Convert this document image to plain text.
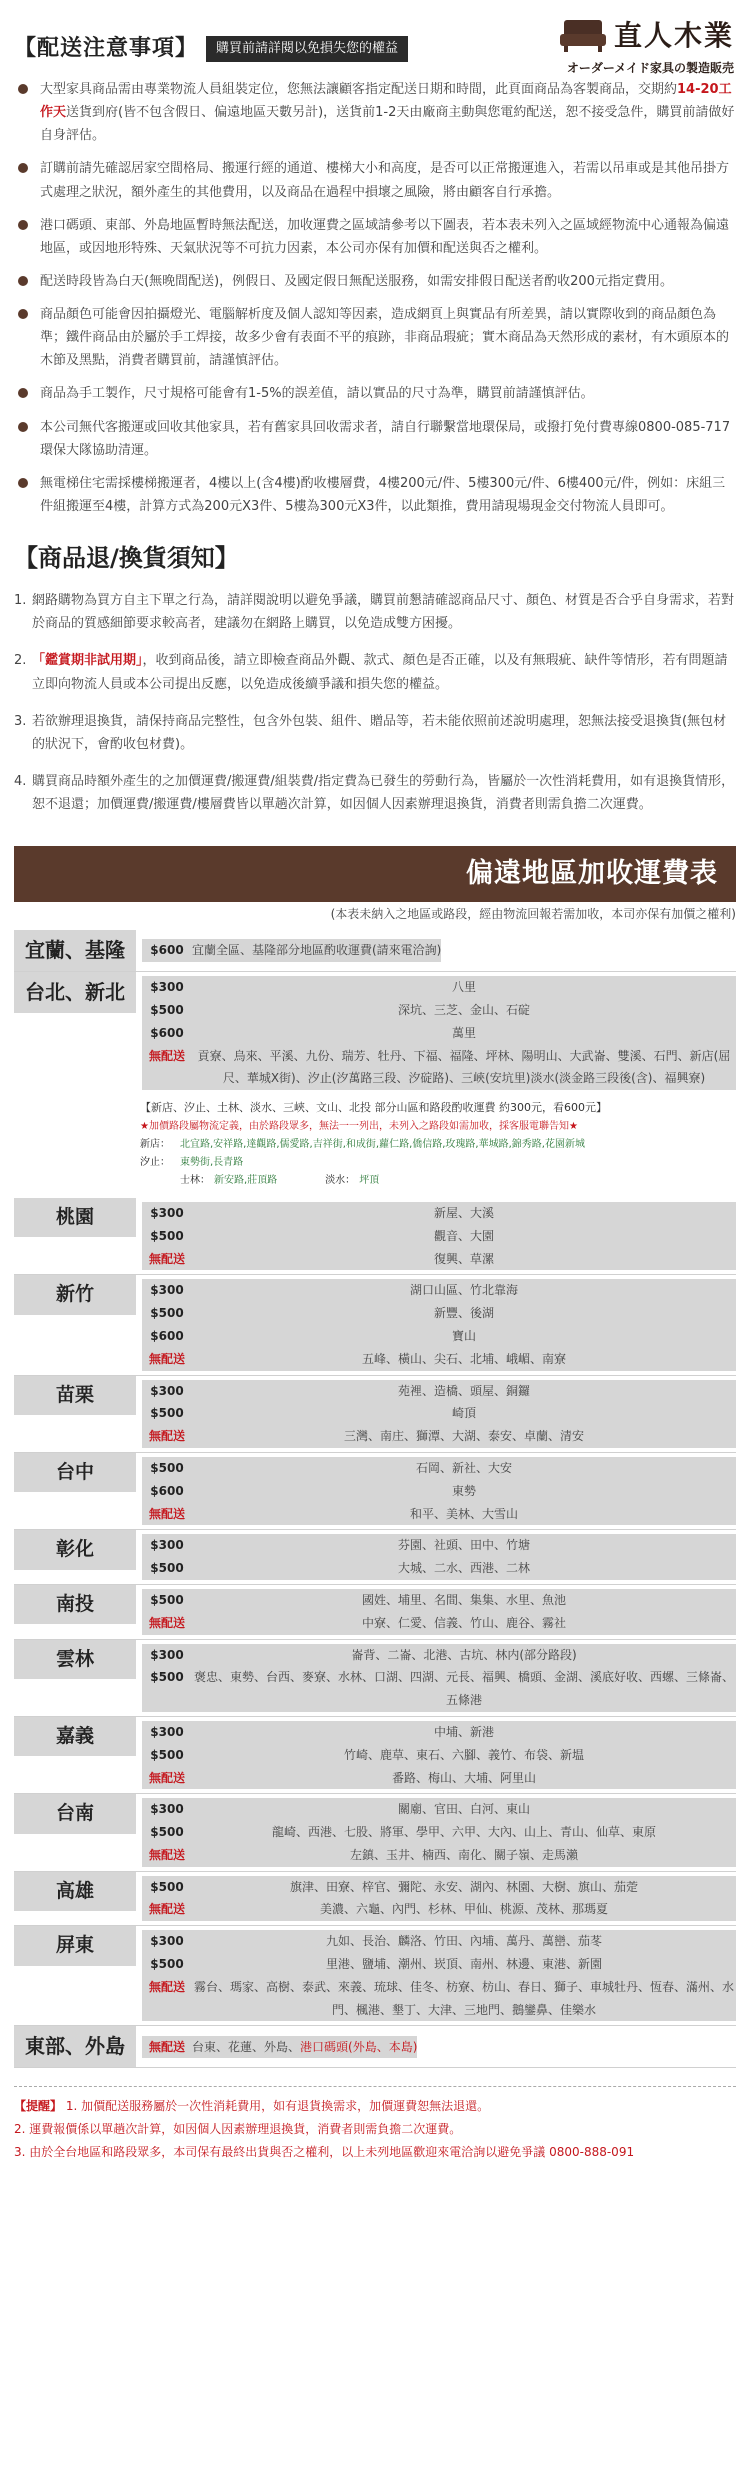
【配送注意事項】	購買前請詳閱以免損失您的權益	直人木業
オーダーメイド家具の製造販売

大型家具商品需由專業物流人員組裝定位，您無法讓顧客指定配送日期和時間，此頁面商品為客製商品，交期約14-20工作天送貨到府(皆不包含假日、偏遠地區天數另計)，送貨前1-2天由廠商主動與您電約配送，恕不接受急件，購買前請做好自身評估。

訂購前請先確認居家空間格局、搬運行經的通道、樓梯大小和高度，是否可以正常搬運進入，若需以吊車或是其他吊掛方式處理之狀況，額外產生的其他費用，以及商品在過程中損壞之風險，將由顧客自行承擔。

港口碼頭、東部、外島地區暫時無法配送，加收運費之區域請參考以下圖表，若本表未列入之區域經物流中心通報為偏遠地區，或因地形特殊、天氣狀況等不可抗力因素，本公司亦保有加價和配送與否之權利。

配送時段皆為白天(無晚間配送)，例假日、及國定假日無配送服務，如需安排假日配送者酌收200元指定費用。

商品顏色可能會因拍攝燈光、電腦解析度及個人認知等因素，造成網頁上與實品有所差異，請以實際收到的商品顏色為準；鐵件商品由於屬於手工焊接，故多少會有表面不平的痕跡，非商品瑕疵；實木商品為天然形成的素材，有木頭原本的木節及黑點，消費者購買前，請謹慎評估。

商品為手工製作，尺寸規格可能會有1-5%的誤差值，請以實品的尺寸為準，購買前請謹慎評估。

本公司無代客搬運或回收其他家具，若有舊家具回收需求者，請自行聯繫當地環保局，或撥打免付費專線0800-085-717環保大隊協助清運。

無電梯住宅需採樓梯搬運者，4樓以上(含4樓)酌收樓層費，4樓200元/件、5樓300元/件、6樓400元/件，例如：床組三件組搬運至4樓，計算方式為200元X3件、5樓為300元X3件，以此類推，費用請現場現金交付物流人員即可。

【商品退/換貨須知】
1. 網路購物為買方自主下單之行為，請詳閱說明以避免爭議，購買前懇請確認商品尺寸、顏色、材質是否合乎自身需求，若對於商品的質感細節要求較高者，建議勿在網路上購買，以免造成雙方困擾。

2. 「鑑賞期非試用期」，收到商品後，請立即檢查商品外觀、款式、顏色是否正確，以及有無瑕疵、缺件等情形，若有問題請立即向物流人員或本公司提出反應，以免造成後續爭議和損失您的權益。

3. 若欲辦理退換貨，請保持商品完整性，包含外包裝、組件、贈品等，若未能依照前述說明處理，恕無法接受退換貨(無包材的狀況下，會酌收包材費)。

4. 購買商品時額外產生的之加價運費/搬運費/組裝費/指定費為已發生的勞動行為，皆屬於一次性消耗費用，如有退換貨情形，恕不退還；加價運費/搬運費/樓層費皆以單趟次計算，如因個人因素辦理退換貨，消費者則需負擔二次運費。

偏遠地區加收運費表
(本表未納入之地區或路段，經由物流回報若需加收，本司亦保有加價之權利)
宜蘭、基隆	$600 宜蘭全區、基隆部分地區酌收運費(請來電洽詢)
台北、新北	$300	八里
$500	深坑、三芝、金山、石碇
$600	萬里
無配送	貢寮、烏來、平溪、九份、瑞芳、牡丹、下福、福隆、坪林、陽明山、大武崙、雙溪、石門、新店(屈尺、華城X街)、汐止(汐萬路三段、汐碇路)、三峽(安坑里)淡水(淡金路三段後(含)、福興寮)
【新店、汐止、土林、淡水、三峽、文山、北投 部分山區和路段酌收運費 約300元，看600元】
★加價路段屬物流定義，由於路段眾多，無法一一列出，未列入之路段如需加收，採客服電聯告知★
新店：	北宜路,安祥路,達觀路,儒愛路,吉祥街,和成街,蘿仁路,僑信路,玫瑰路,華城路,錦秀路,花園新城
汐止：	東勢街,長青路
士林： 新安路,莊頂路	淡水： 坪頂
桃園	$300	新屋、大溪
$500	觀音、大園
無配送	復興、草漯
新竹	$300	湖口山區、竹北靠海
$500	新豐、後湖
$600	寶山
無配送	五峰、橫山、尖石、北埔、峨嵋、南寮
苗栗	$300	苑裡、造橋、頭屋、銅鑼
$500	崎頂
無配送	三灣、南庄、獅潭、大湖、泰安、卓蘭、清安
台中	$500	石岡、新社、大安
$600	東勢
無配送	和平、美林、大雪山
彰化	$300	芬園、社頭、田中、竹塘
$500	大城、二水、西港、二林
南投	$500	國姓、埔里、名間、集集、水里、魚池
無配送	中寮、仁愛、信義、竹山、鹿谷、霧社
雲林	$300	崙背、二崙、北港、古坑、林内(部分路段)
$500 褒忠、東勢、台西、麥寮、水林、口湖、四湖、元長、福興、橋頭、金湖、溪底好收、西螺、三條崙、五條港
嘉義	$300	中埔、新港
$500	竹崎、鹿草、東石、六腳、義竹、布袋、新塭
無配送	番路、梅山、大埔、阿里山
台南	$300	關廟、官田、白河、東山
$500	龍崎、西港、七股、將軍、學甲、六甲、大內、山上、青山、仙草、東原
無配送	左鎮、玉井、楠西、南化、關子嶺、走馬瀨
高雄	$500	旗津、田寮、梓官、彌陀、永安、湖內、林園、大樹、旗山、茄萣
無配送	美濃、六龜、內門、杉林、甲仙、桃源、茂林、那瑪夏
屏東	$300	九如、長治、麟洛、竹田、內埔、萬丹、萬巒、茄苳
$500	里港、鹽埔、潮州、崁頂、南州、林邊、東港、新園
無配送 霧台、瑪家、高樹、泰武、來義、琉球、佳冬、枋寮、枋山、春日、獅子、車城牡丹、恆春、滿州、水門、楓港、墾丁、大津、三地門、鵝鑾鼻、佳樂水
東部、外島	無配送 台東、花蓮、外島、港口碼頭(外島、本島)
【提醒】 1. 加價配送服務屬於一次性消耗費用，如有退貨換需求，加價運費恕無法退還。
2. 運費報價係以單趟次計算，如因個人因素辦理退換貨，消費者則需負擔二次運費。
3. 由於全台地區和路段眾多，本司保有最終出貨與否之權利，以上未列地區歡迎來電洽詢以避免爭議 0800-888-091
